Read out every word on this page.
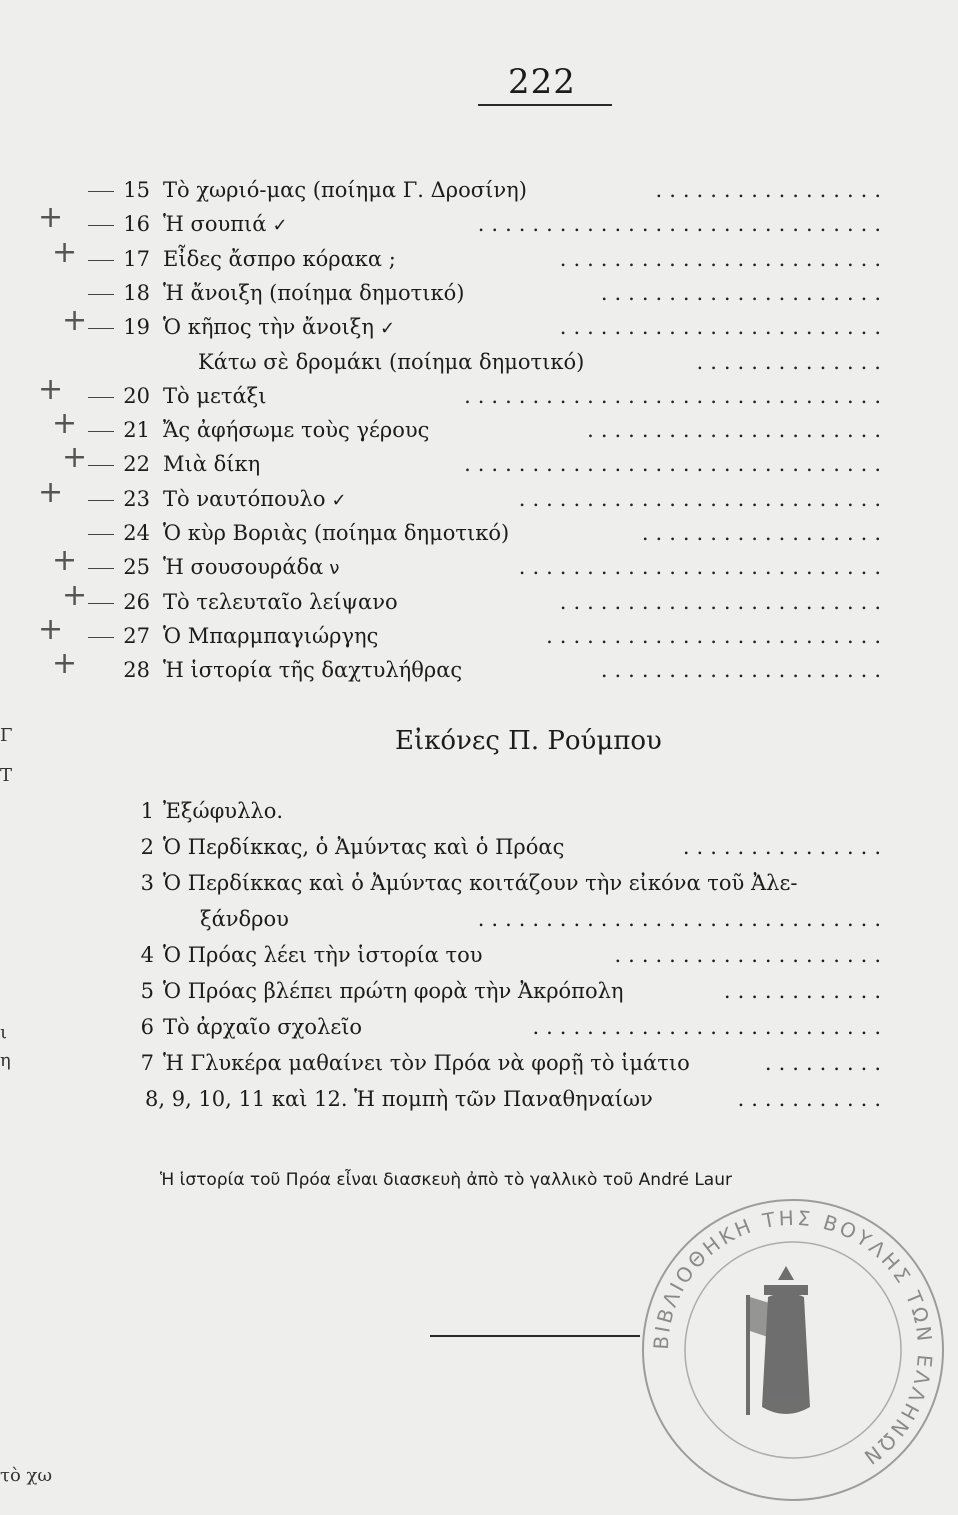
222
15 Τὸ χωριό-μας (ποίημα Γ. Δροσίνη)	.................
16 Ἡ σουπιά ✓	..............................
17 Εἶδες ἄσπρο κόρακα ;	........................
18 Ἡ ἄνοιξη (ποίημα δημοτικό)	.....................
19 Ὁ κῆπος τὴν ἄνοιξη ✓	........................
Κάτω σὲ δρομάκι (ποίημα δημοτικό)	..............
20 Τὸ μετάξι	...............................
21 Ἄς ἀφήσωμε τοὺς γέρους	......................
22 Μιὰ δίκη	...............................
23 Τὸ ναυτόπουλο ✓	...........................
24 Ὁ κὺρ Βοριὰς (ποίημα δημοτικό)	..................
25 Ἡ σουσουράδα ν	...........................
26 Τὸ τελευταῖο λείψανο	........................
27 Ὁ Μπαρμπαγιώργης	.........................
28 Ἡ ἱστορία τῆς δαχτυλήθρας	.....................
+
+
+
+
+
+
+
+
+
+
+
Εἰκόνες Π. Ρούμπου
1 Ἐξώφυλλο.
2 Ὁ Περδίκκας, ὁ Ἀμύντας καὶ ὁ Πρόας	...............
3 Ὁ Περδίκκας καὶ ὁ Ἀμύντας κοιτάζουν τὴν εἰκόνα τοῦ Ἀλε-
ξάνδρου	..............................
4 Ὁ Πρόας λέει τὴν ἱστορία του	....................
5 Ὁ Πρόας βλέπει πρώτη φορὰ τὴν Ἀκρόπολη	............
6 Τὸ ἀρχαῖο σχολεῖο	..........................
7 Ἡ Γλυκέρα μαθαίνει τὸν Πρόα νὰ φορῇ τὸ ἱμάτιο	.........
8, 9, 10, 11 καὶ 12. Ἡ πομπὴ τῶν Παναθηναίων	...........
Ἡ ἱστορία τοῦ Πρόα εἶναι διασκευὴ ἀπὸ τὸ γαλλικὸ τοῦ André Laur
Γ
Τ
ι
η
τὸ χω
ΒΙΒΛΙΟΘΗΚΗ ΤΗΣ ΒΟΥΛΗΣ ΤΩΝ ΕΛΛΗΝΩΝ
